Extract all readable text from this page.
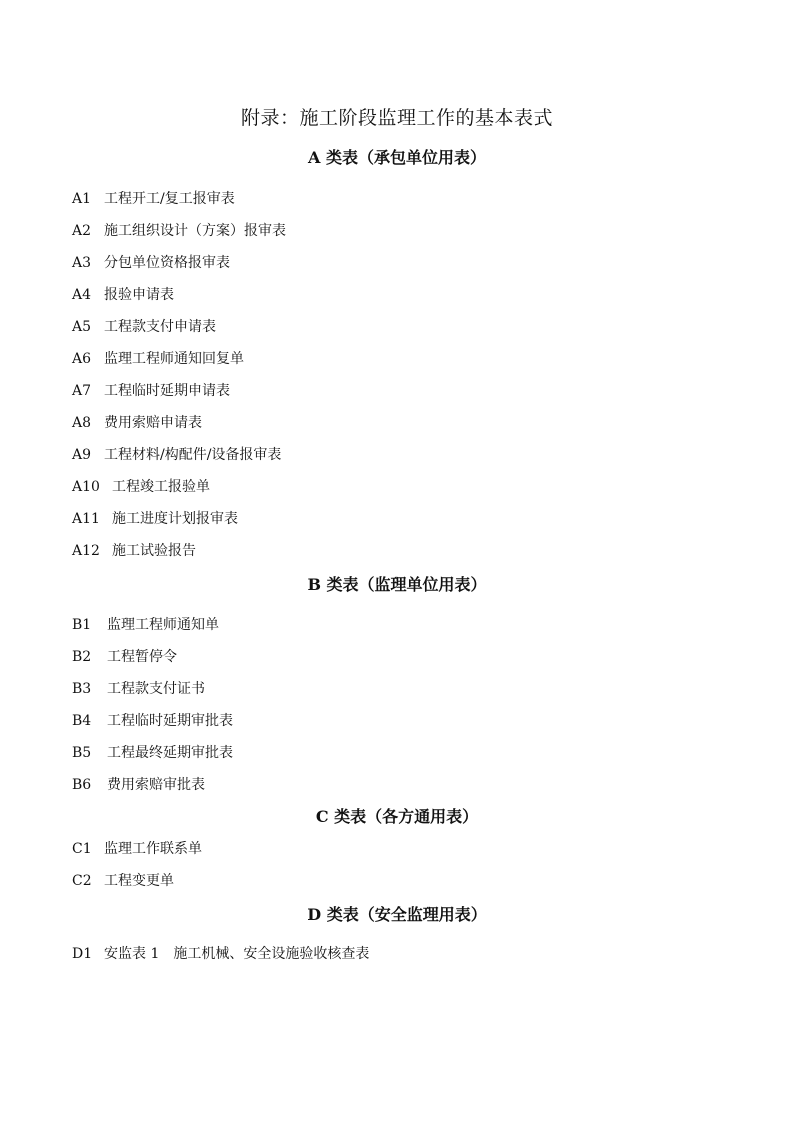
附录：施工阶段监理工作的基本表式
A 类表（承包单位用表）
A1 工程开工/复工报审表
A2 施工组织设计（方案）报审表
A3 分包单位资格报审表
A4 报验申请表
A5 工程款支付申请表
A6 监理工程师通知回复单
A7 工程临时延期申请表
A8 费用索赔申请表
A9 工程材料/构配件/设备报审表
A10 工程竣工报验单
A11 施工进度计划报审表
A12 施工试验报告
B 类表（监理单位用表）
B1 监理工程师通知单
B2 工程暂停令
B3 工程款支付证书
B4 工程临时延期审批表
B5 工程最终延期审批表
B6 费用索赔审批表
C 类表（各方通用表）
C1 监理工作联系单
C2 工程变更单
D 类表（安全监理用表）
D1 安监表 1 施工机械、安全设施验收核查表
